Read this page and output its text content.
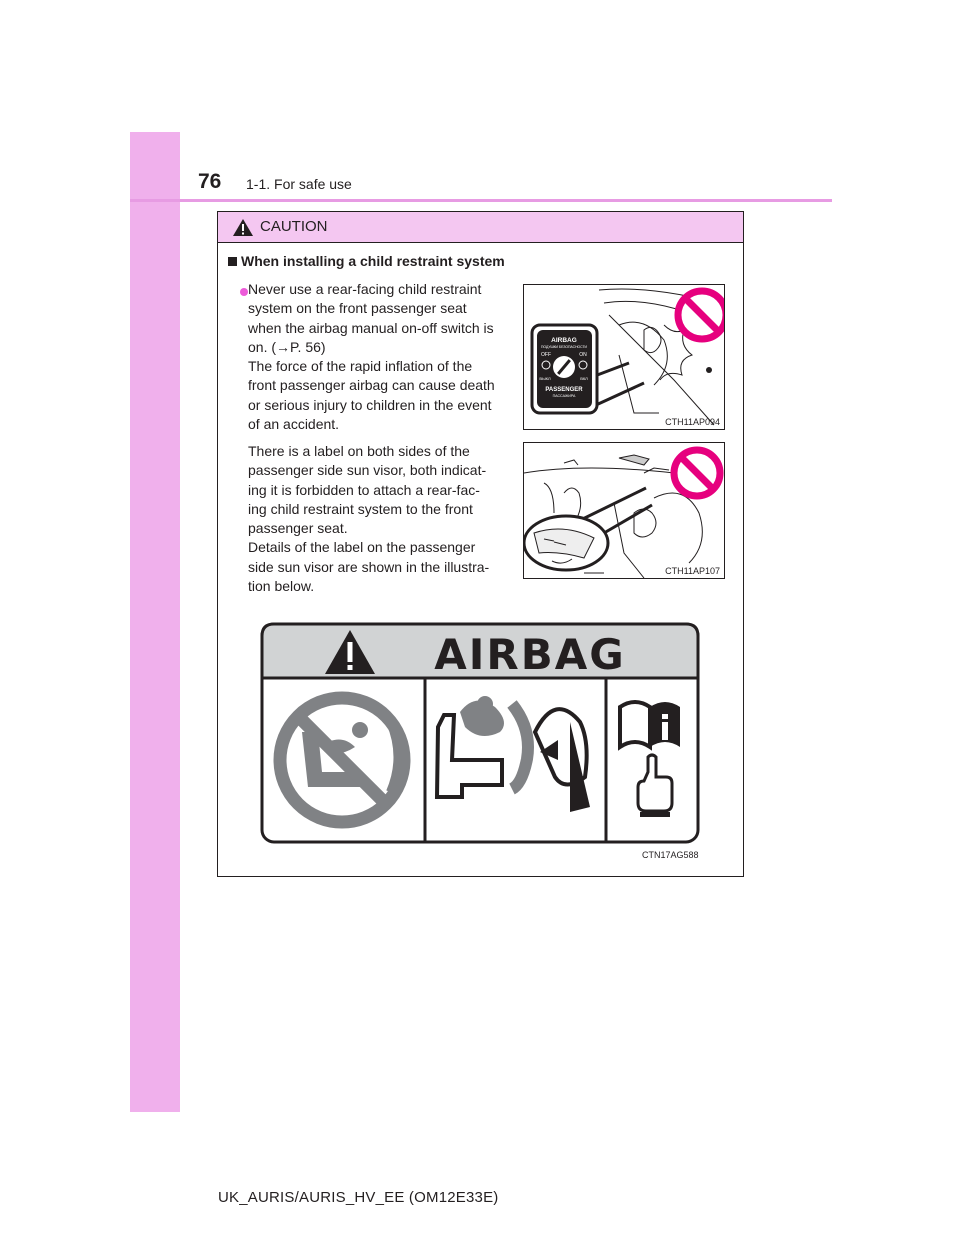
76 1-1. For safe use
CAUTION
When installing a child restraint system
Never use a rear-facing child restraint
system on the front passenger seat
when the airbag manual on-off switch is
on. (→P. 56)
The force of the rapid inflation of the
front passenger airbag can cause death
or serious injury to children in the event
of an accident.
AIRBAG
ПОДУШКИ БЕЗОПАСНОСТИ
OFF	ON
ВЫКЛ	ВКЛ
PASSENGER
ПАССАЖИРА
CTH11AP094
There is a label on both sides of the
passenger side sun visor, both indicat-
ing it is forbidden to attach a rear-fac-
ing child restraint system to the front
passenger seat.
Details of the label on the passenger
side sun visor are shown in the illustra-
tion below.
CTH11AP107
AIRBAG
CTN17AG588
UK_AURIS/AURIS_HV_EE (OM12E33E)
